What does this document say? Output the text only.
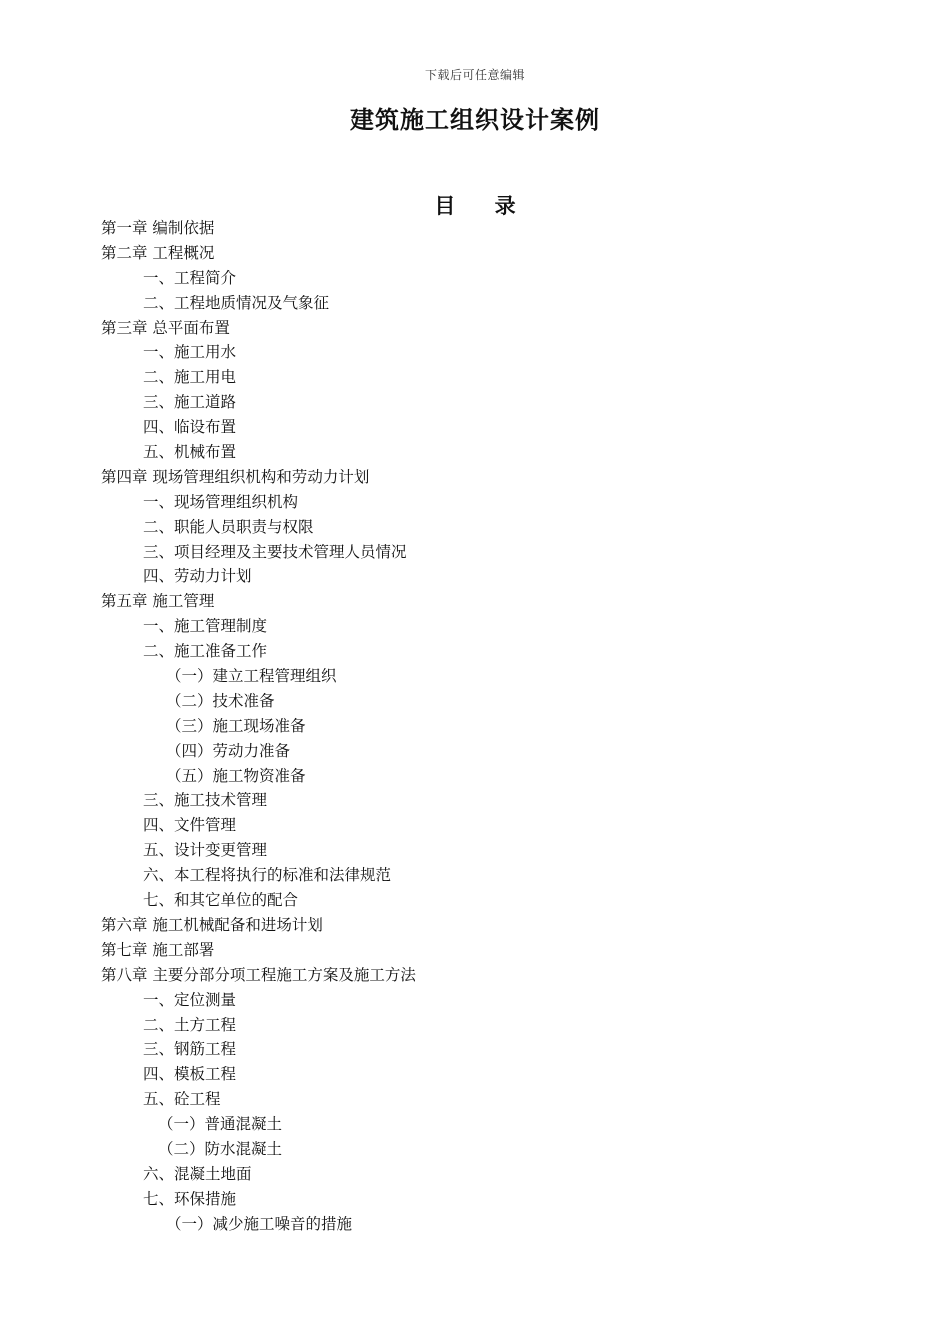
下载后可任意编辑
建筑施工组织设计案例
目 录
第一章 编制依据
第二章 工程概况
一、工程简介
二、工程地质情况及气象征
第三章 总平面布置
一、施工用水
二、施工用电
三、施工道路
四、临设布置
五、机械布置
第四章 现场管理组织机构和劳动力计划
一、现场管理组织机构
二、职能人员职责与权限
三、项目经理及主要技术管理人员情况
四、劳动力计划
第五章 施工管理
一、施工管理制度
二、施工准备工作
（一）建立工程管理组织
（二）技术准备
（三）施工现场准备
（四）劳动力准备
（五）施工物资准备
三、施工技术管理
四、文件管理
五、设计变更管理
六、本工程将执行的标准和法律规范
七、和其它单位的配合
第六章 施工机械配备和进场计划
第七章 施工部署
第八章 主要分部分项工程施工方案及施工方法
一、定位测量
二、土方工程
三、钢筋工程
四、模板工程
五、砼工程
（一）普通混凝土
（二）防水混凝土
六、混凝土地面
七、环保措施
（一）减少施工噪音的措施
